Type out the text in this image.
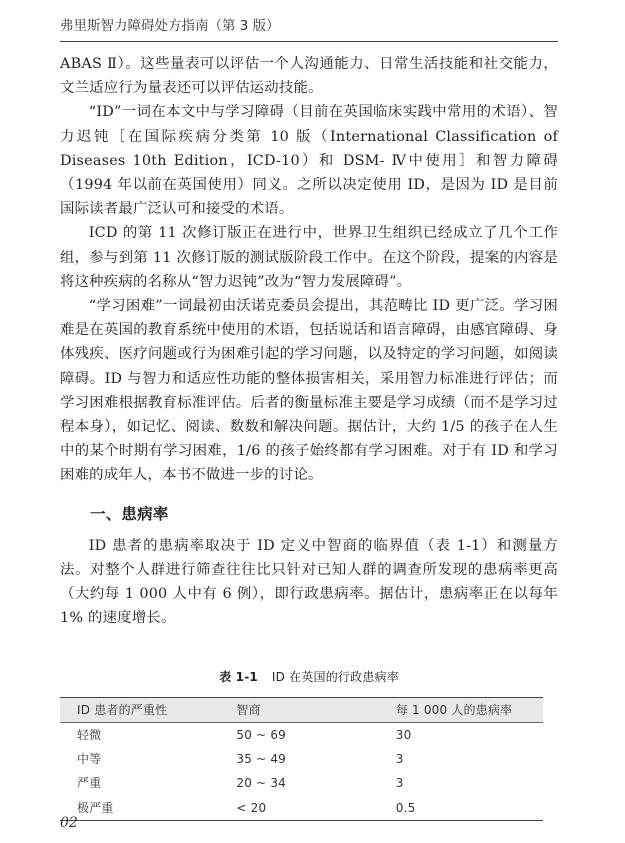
弗里斯智力障碍处方指南（第 3 版）

ABAS Ⅱ）。这些量表可以评估一个人沟通能力、日常生活技能和社交能力，文兰适应行为量表还可以评估运动技能。

“ID”一词在本文中与学习障碍（目前在英国临床实践中常用的术语）、智力迟钝［在国际疾病分类第 10 版（International Classification of Diseases 10th Edition，ICD-10）和 DSM- Ⅳ中使用］和智力障碍（1994 年以前在英国使用）同义。之所以决定使用 ID，是因为 ID 是目前国际读者最广泛认可和接受的术语。

ICD 的第 11 次修订版正在进行中，世界卫生组织已经成立了几个工作组，参与到第 11 次修订版的测试版阶段工作中。在这个阶段，提案的内容是将这种疾病的名称从“智力迟钝”改为“智力发展障碍”。

“学习困难”一词最初由沃诺克委员会提出，其范畴比 ID 更广泛。学习困难是在英国的教育系统中使用的术语，包括说话和语言障碍，由感官障碍、身体残疾、医疗问题或行为困难引起的学习问题，以及特定的学习问题，如阅读障碍。ID 与智力和适应性功能的整体损害相关，采用智力标准进行评估；而学习困难根据教育标准评估。后者的衡量标准主要是学习成绩（而不是学习过程本身），如记忆、阅读、数数和解决问题。据估计，大约 1/5 的孩子在人生中的某个时期有学习困难，1/6 的孩子始终都有学习困难。对于有 ID 和学习困难的成年人，本书不做进一步的讨论。

一、患病率

ID 患者的患病率取决于 ID 定义中智商的临界值（表 1-1）和测量方法。对整个人群进行筛查往往比只针对已知人群的调查所发现的患病率更高（大约每 1 000 人中有 6 例），即行政患病率。据估计，患病率正在以每年 1% 的速度增长。

表 1-1 ID 在英国的行政患病率

ID 患者的严重性	智商	每 1 000 人的患病率
轻微	50 ~ 69	30
中等	35 ~ 49	3
严重	20 ~ 34	3
极严重	< 20	0.5
02
